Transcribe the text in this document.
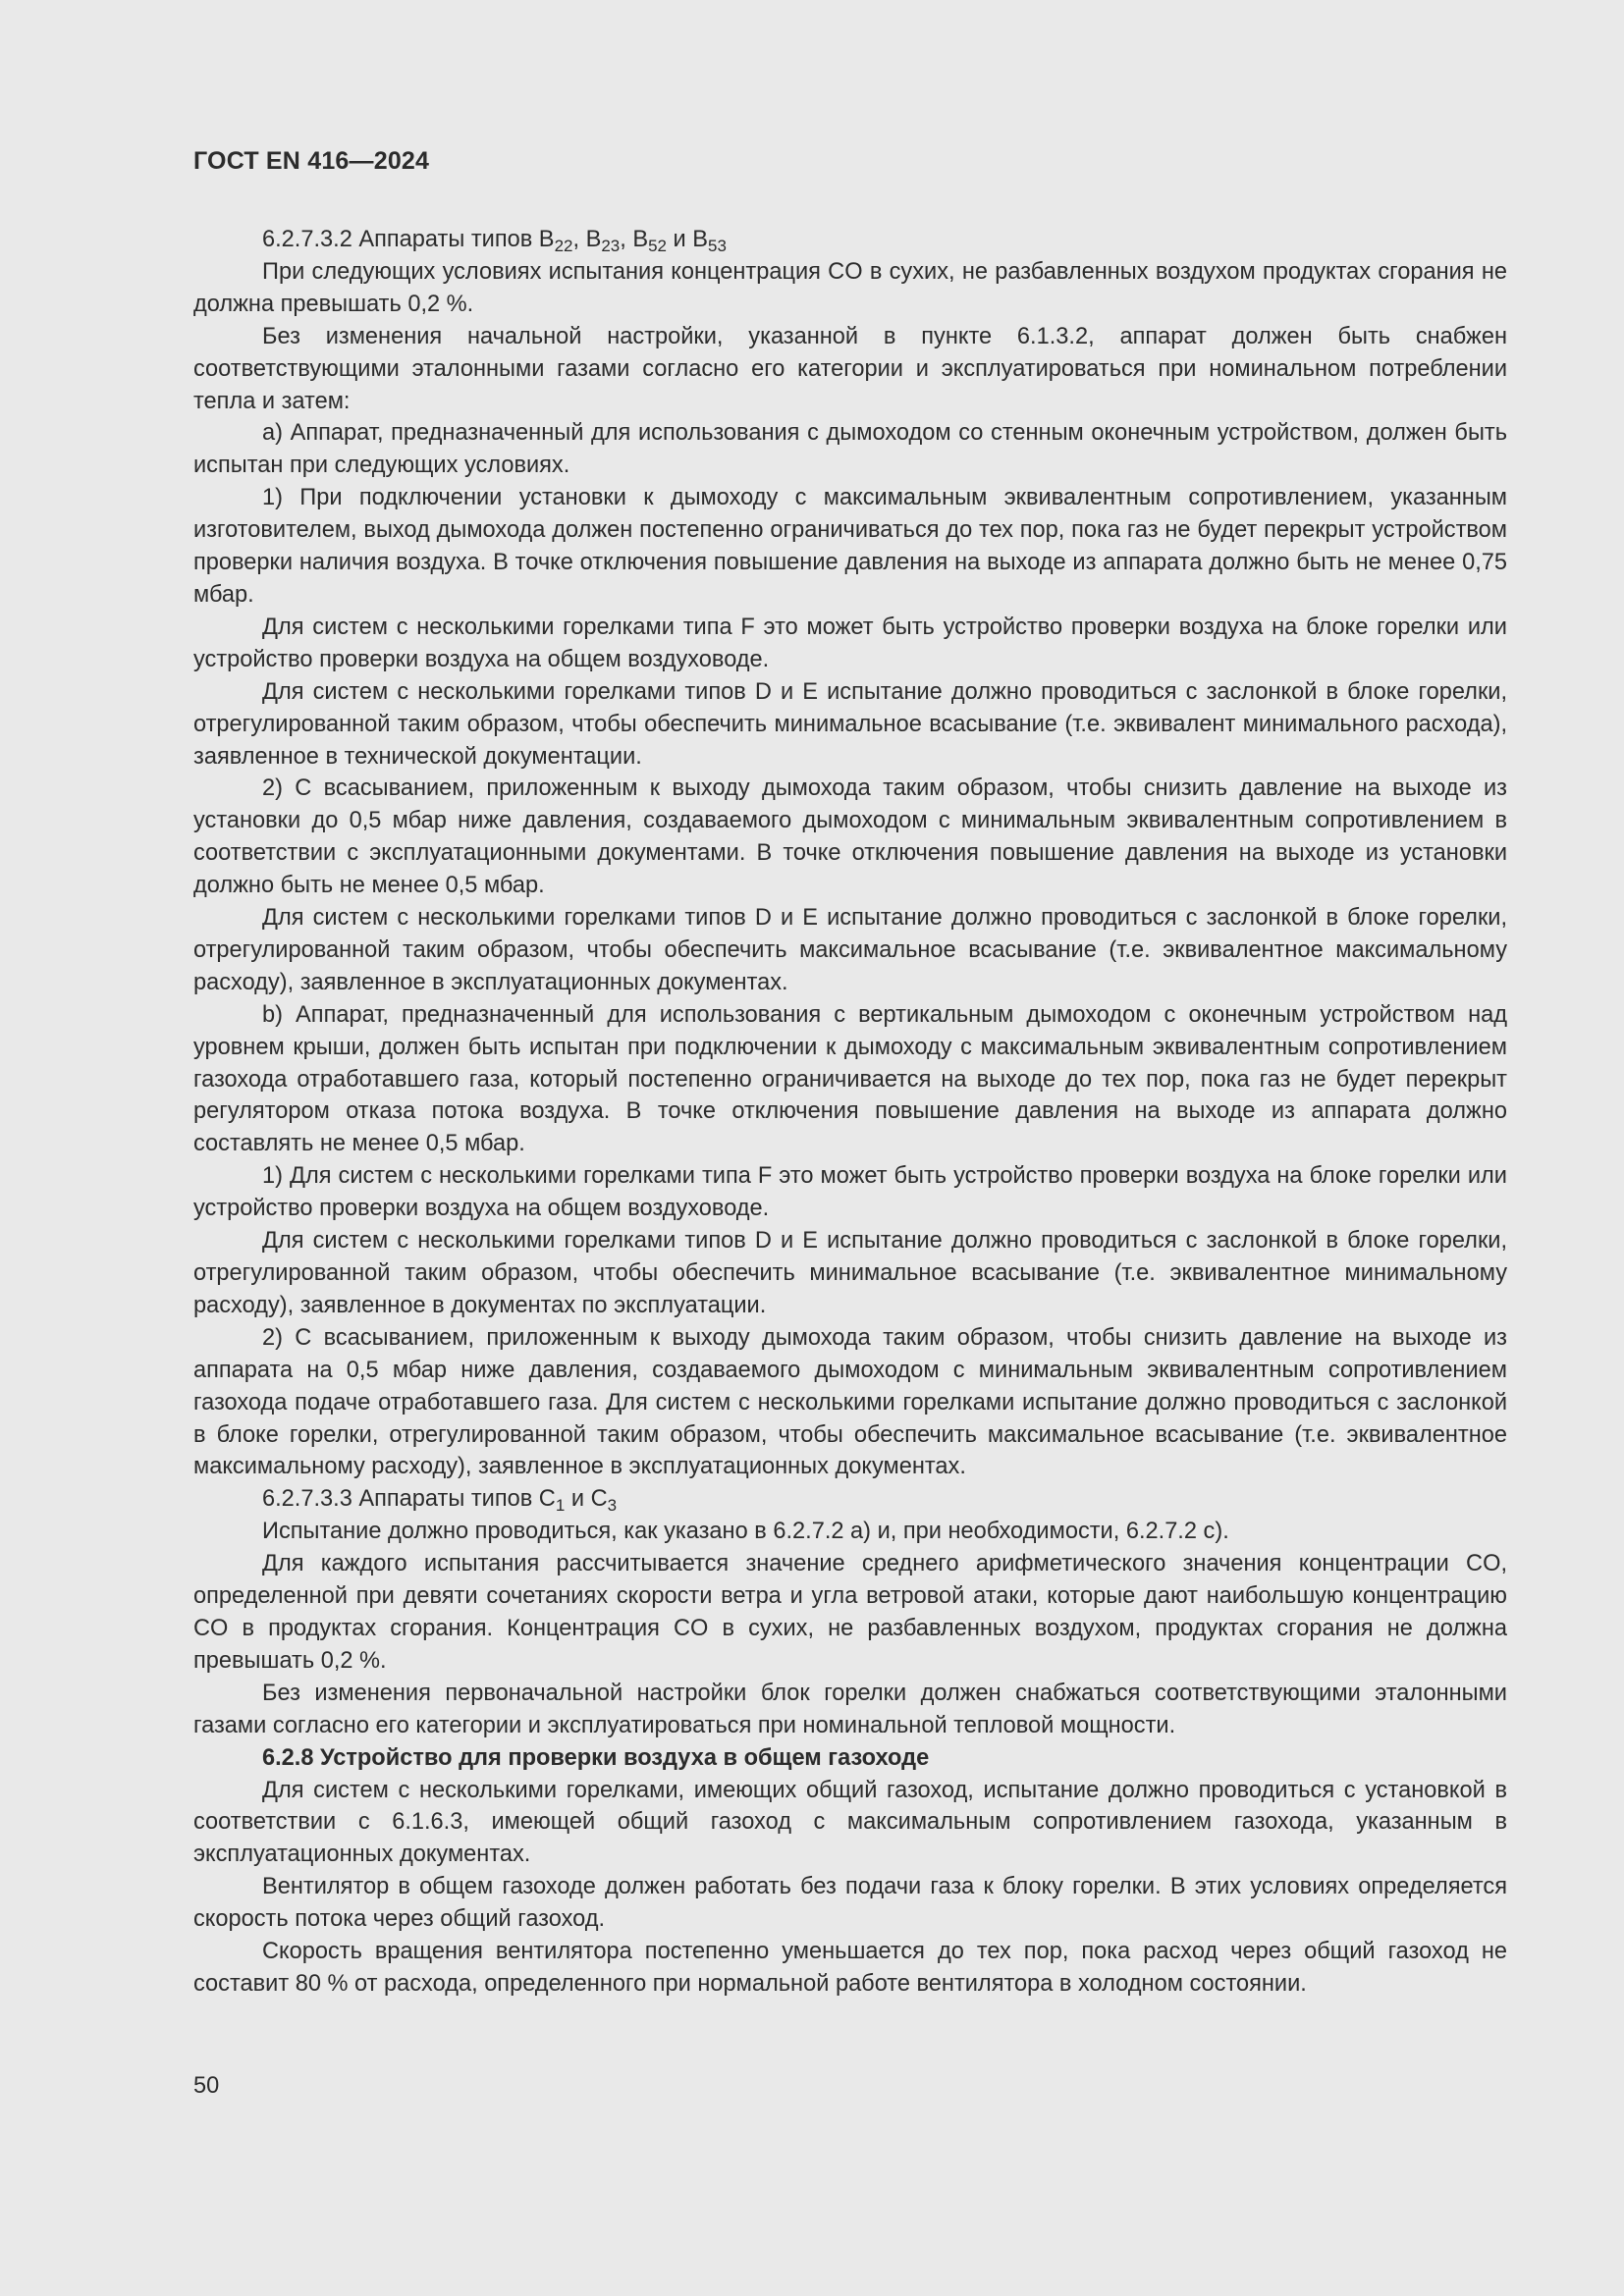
ГОСТ EN 416—2024

6.2.7.3.2 Аппараты типов $B_{22}$, $B_{23}$, $B_{52}$ и $B_{53}$

При следующих условиях испытания концентрация CO в сухих, не разбавленных воздухом продуктах сгорания не должна превышать 0,2 %.

Без изменения начальной настройки, указанной в пункте 6.1.3.2, аппарат должен быть снабжен соответствующими эталонными газами согласно его категории и эксплуатироваться при номинальном потреблении тепла и затем:

a) Аппарат, предназначенный для использования с дымоходом со стенным оконечным устройством, должен быть испытан при следующих условиях.

1) При подключении установки к дымоходу с максимальным эквивалентным сопротивлением, указанным изготовителем, выход дымохода должен постепенно ограничиваться до тех пор, пока газ не будет перекрыт устройством проверки наличия воздуха. В точке отключения повышение давления на выходе из аппарата должно быть не менее 0,75 мбар.

Для систем с несколькими горелками типа F это может быть устройство проверки воздуха на блоке горелки или устройство проверки воздуха на общем воздуховоде.

Для систем с несколькими горелками типов D и E испытание должно проводиться с заслонкой в блоке горелки, отрегулированной таким образом, чтобы обеспечить минимальное всасывание (т.е. эквивалент минимального расхода), заявленное в технической документации.

2) С всасыванием, приложенным к выходу дымохода таким образом, чтобы снизить давление на выходе из установки до 0,5 мбар ниже давления, создаваемого дымоходом с минимальным эквивалентным сопротивлением в соответствии с эксплуатационными документами. В точке отключения повышение давления на выходе из установки должно быть не менее 0,5 мбар.

Для систем с несколькими горелками типов D и E испытание должно проводиться с заслонкой в блоке горелки, отрегулированной таким образом, чтобы обеспечить максимальное всасывание (т.е. эквивалентное максимальному расходу), заявленное в эксплуатационных документах.

b) Аппарат, предназначенный для использования с вертикальным дымоходом с оконечным устройством над уровнем крыши, должен быть испытан при подключении к дымоходу с максимальным эквивалентным сопротивлением газохода отработавшего газа, который постепенно ограничивается на выходе до тех пор, пока газ не будет перекрыт регулятором отказа потока воздуха. В точке отключения повышение давления на выходе из аппарата должно составлять не менее 0,5 мбар.

1) Для систем с несколькими горелками типа F это может быть устройство проверки воздуха на блоке горелки или устройство проверки воздуха на общем воздуховоде.

Для систем с несколькими горелками типов D и E испытание должно проводиться с заслонкой в блоке горелки, отрегулированной таким образом, чтобы обеспечить минимальное всасывание (т.е. эквивалентное минимальному расходу), заявленное в документах по эксплуатации.

2) С всасыванием, приложенным к выходу дымохода таким образом, чтобы снизить давление на выходе из аппарата на 0,5 мбар ниже давления, создаваемого дымоходом с минимальным эквивалентным сопротивлением газохода подаче отработавшего газа. Для систем с несколькими горелками испытание должно проводиться с заслонкой в блоке горелки, отрегулированной таким образом, чтобы обеспечить максимальное всасывание (т.е. эквивалентное максимальному расходу), заявленное в эксплуатационных документах.

6.2.7.3.3 Аппараты типов $C_1$ и $C_3$

Испытание должно проводиться, как указано в 6.2.7.2 a) и, при необходимости, 6.2.7.2 c).

Для каждого испытания рассчитывается значение среднего арифметического значения концентрации CO, определенной при девяти сочетаниях скорости ветра и угла ветровой атаки, которые дают наибольшую концентрацию CO в продуктах сгорания. Концентрация CO в сухих, не разбавленных воздухом, продуктах сгорания не должна превышать 0,2 %.

Без изменения первоначальной настройки блок горелки должен снабжаться соответствующими эталонными газами согласно его категории и эксплуатироваться при номинальной тепловой мощности.

6.2.8 Устройство для проверки воздуха в общем газоходе

Для систем с несколькими горелками, имеющих общий газоход, испытание должно проводиться с установкой в соответствии с 6.1.6.3, имеющей общий газоход с максимальным сопротивлением газохода, указанным в эксплуатационных документах.

Вентилятор в общем газоходе должен работать без подачи газа к блоку горелки. В этих условиях определяется скорость потока через общий газоход.

Скорость вращения вентилятора постепенно уменьшается до тех пор, пока расход через общий газоход не составит 80 % от расхода, определенного при нормальной работе вентилятора в холодном состоянии.

50
